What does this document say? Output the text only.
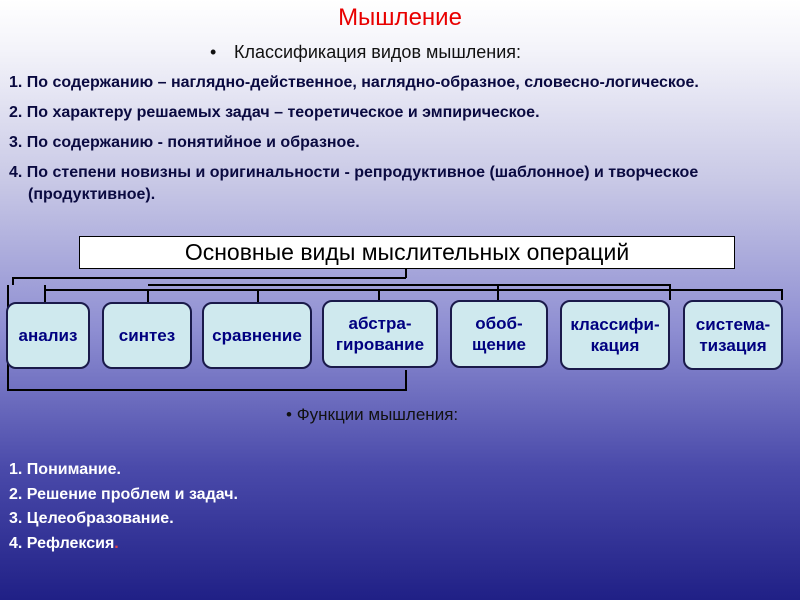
Мышление
• Классификация видов мышления:
1. По содержанию – наглядно-действенное, наглядно-образное, словесно-логическое.
2. По характеру решаемых задач – теоретическое и эмпирическое.
3. По содержанию - понятийное и образное.
4. По степени новизны и оригинальности - репродуктивное (шаблонное) и творческое (продуктивное).
Основные виды мыслительных операций
анализ синтез сравнение
абстра-
гирование
обоб-
щение
классифи-
кация
система-
тизация
• Функции мышления:
1. Понимание.
2. Решение проблем и задач.
3. Целеобразование.
4. Рефлексия.
